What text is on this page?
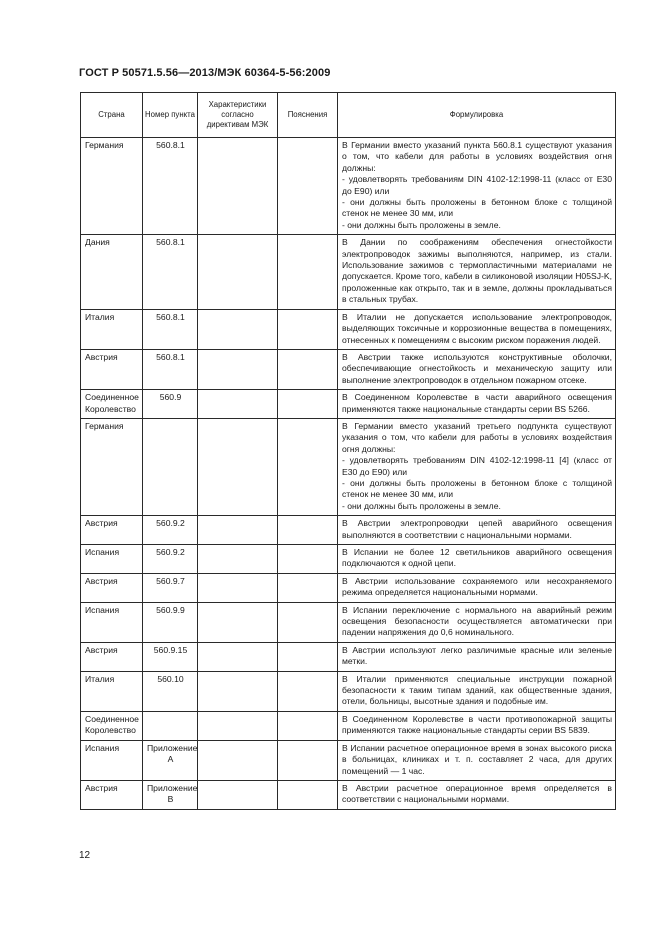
ГОСТ Р 50571.5.56—2013/МЭК 60364-5-56:2009
Страна	Номер пункта	Характеристики согласно директивам МЭК	Пояснения	Формулировка
Германия	560.8.1			В Германии вместо указаний пункта 560.8.1 существуют указания о том, что кабели для работы в условиях воздействия огня должны:
- удовлетворять требованиям DIN 4102-12:1998-11 (класс от Е30 до Е90) или
- они должны быть проложены в бетонном блоке с толщиной стенок не менее 30 мм, или
- они должны быть проложены в земле.
Дания	560.8.1			В Дании по соображениям обеспечения огнестойкости электропроводок зажимы выполняются, например, из стали. Использование зажимов с термопластичными материалами не допускается. Кроме того, кабели в силиконовой изоляции H05SJ-K, проложенные как открыто, так и в земле, должны прокладываться в стальных трубах.
Италия	560.8.1			В Италии не допускается использование электропроводок, выделяющих токсичные и коррозионные вещества в помещениях, отнесенных к помещениям с высоким риском поражения людей.
Австрия	560.8.1			В Австрии также используются конструктивные оболочки, обеспечивающие огнестойкость и механическую защиту или выполнение электропроводок в отдельном пожарном отсеке.
Соединенное Королевство	560.9			В Соединенном Королевстве в части аварийного освещения применяются также национальные стандарты серии BS 5266.
Германия				В Германии вместо указаний третьего подпункта существуют указания о том, что кабели для работы в условиях воздействия огня должны:
- удовлетворять требованиям DIN 4102-12:1998-11 [4] (класс от Е30 до Е90) или
- они должны быть проложены в бетонном блоке с толщиной стенок не менее 30 мм, или
- они должны быть проложены в земле.
Австрия	560.9.2			В Австрии электропроводки цепей аварийного освещения выполняются в соответствии с национальными нормами.
Испания	560.9.2			В Испании не более 12 светильников аварийного освещения подключаются к одной цепи.
Австрия	560.9.7			В Австрии использование сохраняемого или несохраняемого режима определяется национальными нормами.
Испания	560.9.9			В Испании переключение с нормального на аварийный режим освещения безопасности осуществляется автоматически при падении напряжения до 0,6 номинального.
Австрия	560.9.15			В Австрии используют легко различимые красные или зеленые метки.
Италия	560.10			В Италии применяются специальные инструкции пожарной безопасности к таким типам зданий, как общественные здания, отели, больницы, высотные здания и подобные им.
Соединенное Королевство				В Соединенном Королевстве в части противопожарной защиты применяются также национальные стандарты серии BS 5839.
Испания	Приложение А			В Испании расчетное операционное время в зонах высокого риска в больницах, клиниках и т. п. составляет 2 часа, для других помещений — 1 час.
Австрия	Приложение В			В Австрии расчетное операционное время определяется в соответствии с национальными нормами.
12
